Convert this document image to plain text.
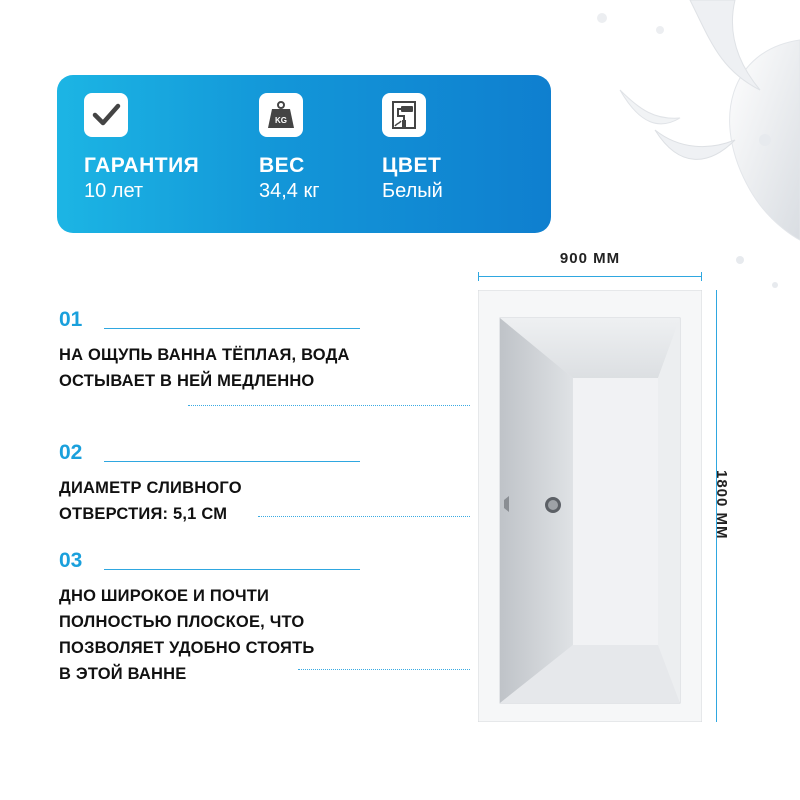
ГАРАНТИЯ
10 лет
KG
ВЕС
34,4 кг
ЦВЕТ
Белый
01
НА ОЩУПЬ ВАННА ТЁПЛАЯ, ВОДА ОСТЫВАЕТ В НЕЙ МЕДЛЕННО
02
ДИАМЕТР СЛИВНОГО ОТВЕРСТИЯ: 5,1 СМ
03
ДНО ШИРОКОЕ И ПОЧТИ ПОЛНОСТЬЮ ПЛОСКОЕ, ЧТО ПОЗВОЛЯЕТ УДОБНО СТОЯТЬ В ЭТОЙ ВАННЕ
900 ММ
1800 ММ
